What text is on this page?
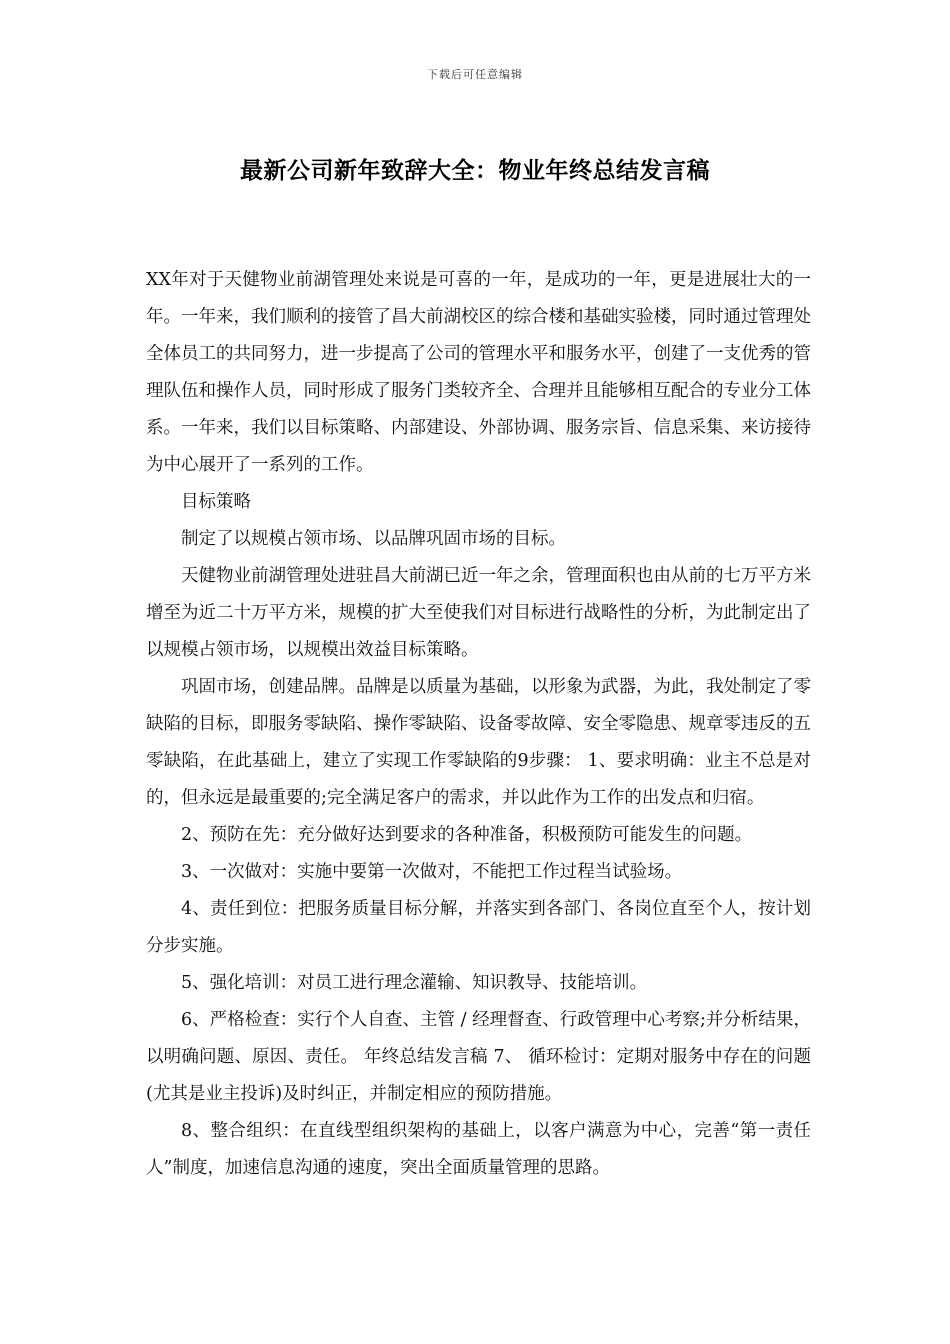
下载后可任意编辑
最新公司新年致辞大全：物业年终总结发言稿

XX年对于天健物业前湖管理处来说是可喜的一年，是成功的一年，更是进展壮大的一年。一年来，我们顺利的接管了昌大前湖校区的综合楼和基础实验楼，同时通过管理处全体员工的共同努力，进一步提高了公司的管理水平和服务水平，创建了一支优秀的管理队伍和操作人员，同时形成了服务门类较齐全、合理并且能够相互配合的专业分工体系。一年来，我们以目标策略、内部建设、外部协调、服务宗旨、信息采集、来访接待为中心展开了一系列的工作。

目标策略

制定了以规模占领市场、以品牌巩固市场的目标。

天健物业前湖管理处进驻昌大前湖已近一年之余，管理面积也由从前的七万平方米增至为近二十万平方米，规模的扩大至使我们对目标进行战略性的分析，为此制定出了以规模占领市场，以规模出效益目标策略。

巩固市场，创建品牌。品牌是以质量为基础，以形象为武器，为此，我处制定了零缺陷的目标，即服务零缺陷、操作零缺陷、设备零故障、安全零隐患、规章零违反的五零缺陷，在此基础上，建立了实现工作零缺陷的9步骤： 1、要求明确：业主不总是对的，但永远是最重要的;完全满足客户的需求，并以此作为工作的出发点和归宿。

2、预防在先：充分做好达到要求的各种准备，积极预防可能发生的问题。

3、一次做对：实施中要第一次做对，不能把工作过程当试验场。

4、责任到位：把服务质量目标分解，并落实到各部门、各岗位直至个人，按计划分步实施。

5、强化培训：对员工进行理念灌输、知识教导、技能培训。

6、严格检查：实行个人自查、主管 / 经理督查、行政管理中心考察;并分析结果，以明确问题、原因、责任。 年终总结发言稿 7、 循环检讨：定期对服务中存在的问题(尤其是业主投诉)及时纠正，并制定相应的预防措施。

8、整合组织：在直线型组织架构的基础上，以客户满意为中心，完善“第一责任人”制度，加速信息沟通的速度，突出全面质量管理的思路。
